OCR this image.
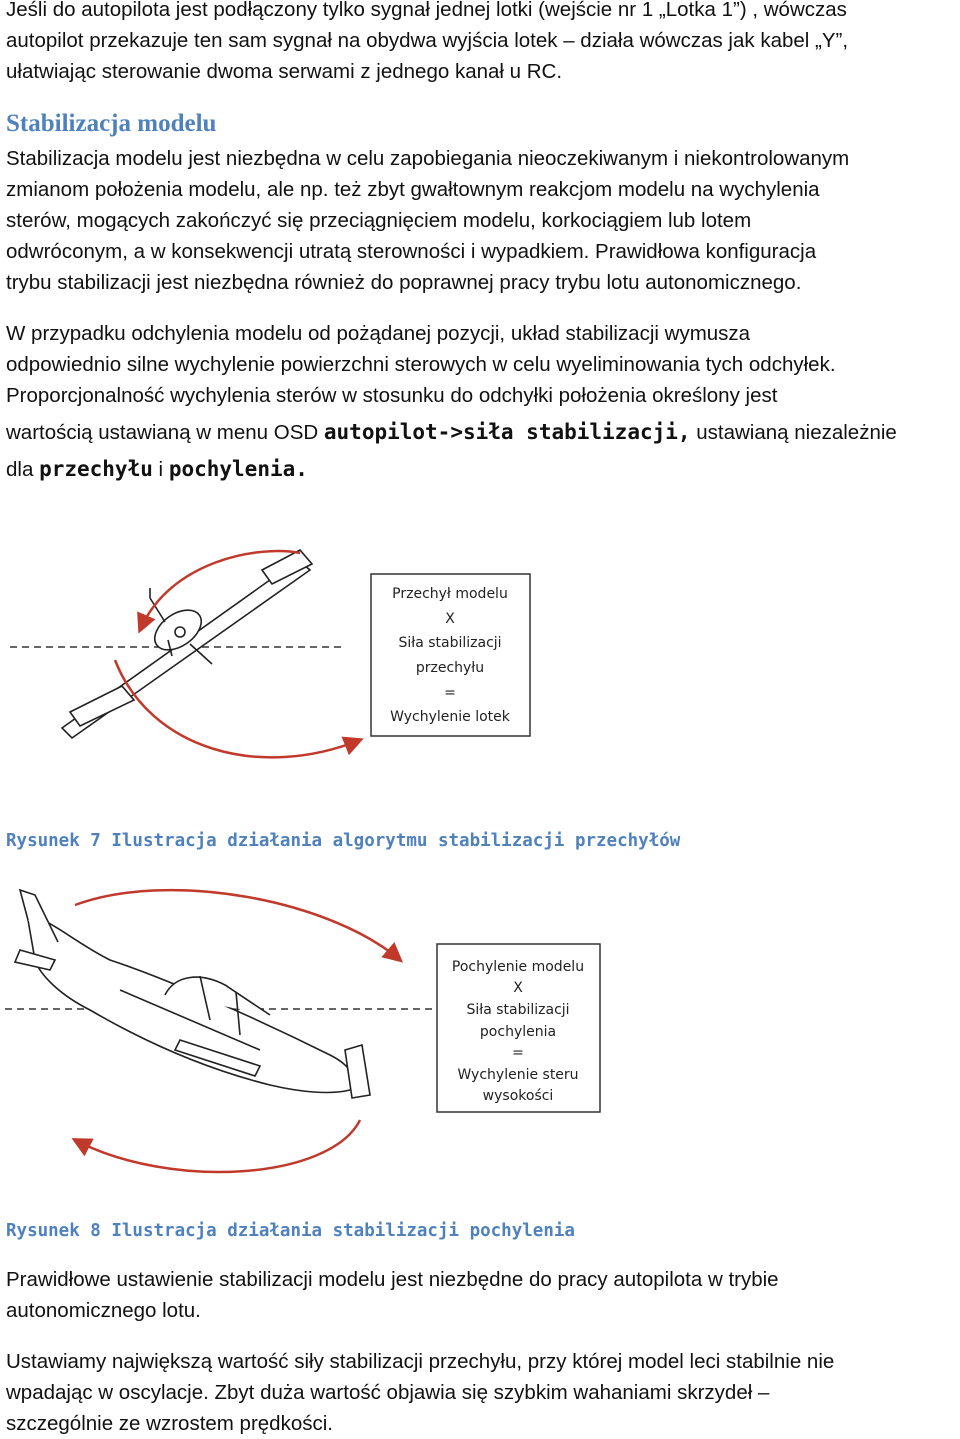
Jeśli do autopilota jest podłączony tylko sygnał jednej lotki (wejście nr 1 „Lotka 1”) , wówczas
autopilot przekazuje ten sam sygnał na obydwa wyjścia lotek – działa wówczas jak kabel „Y”,
ułatwiając sterowanie dwoma serwami z jednego kanał u RC.

Stabilizacja modelu

Stabilizacja modelu jest niezbędna w celu zapobiegania nieoczekiwanym i niekontrolowanym
zmianom położenia modelu, ale np. też zbyt gwałtownym reakcjom modelu na wychylenia
sterów, mogących zakończyć się przeciągnięciem modelu, korkociągiem lub lotem
odwróconym, a w konsekwencji utratą sterowności i wypadkiem. Prawidłowa konfiguracja
trybu stabilizacji jest niezbędna również do poprawnej pracy trybu lotu autonomicznego.

W przypadku odchylenia modelu od pożądanej pozycji, układ stabilizacji wymusza
odpowiednio silne wychylenie powierzchni sterowych w celu wyeliminowania tych odchyłek.
Proporcjonalność wychylenia sterów w stosunku do odchyłki położenia określony jest
wartością ustawianą w menu OSD autopilot->siła stabilizacji, ustawianą niezależnie
dla przechyłu i pochylenia.

Przechył modelu
X
Siła stabilizacji
przechyłu
=
Wychylenie lotek

Rysunek 7 Ilustracja działania algorytmu stabilizacji przechyłów

Pochylenie modelu
X
Siła stabilizacji
pochylenia
=
Wychylenie steru
wysokości

Rysunek 8 Ilustracja działania stabilizacji pochylenia

Prawidłowe ustawienie stabilizacji modelu jest niezbędne do pracy autopilota w trybie
autonomicznego lotu.

Ustawiamy największą wartość siły stabilizacji przechyłu, przy której model leci stabilnie nie
wpadając w oscylacje. Zbyt duża wartość objawia się szybkim wahaniami skrzydeł –
szczególnie ze wzrostem prędkości.
